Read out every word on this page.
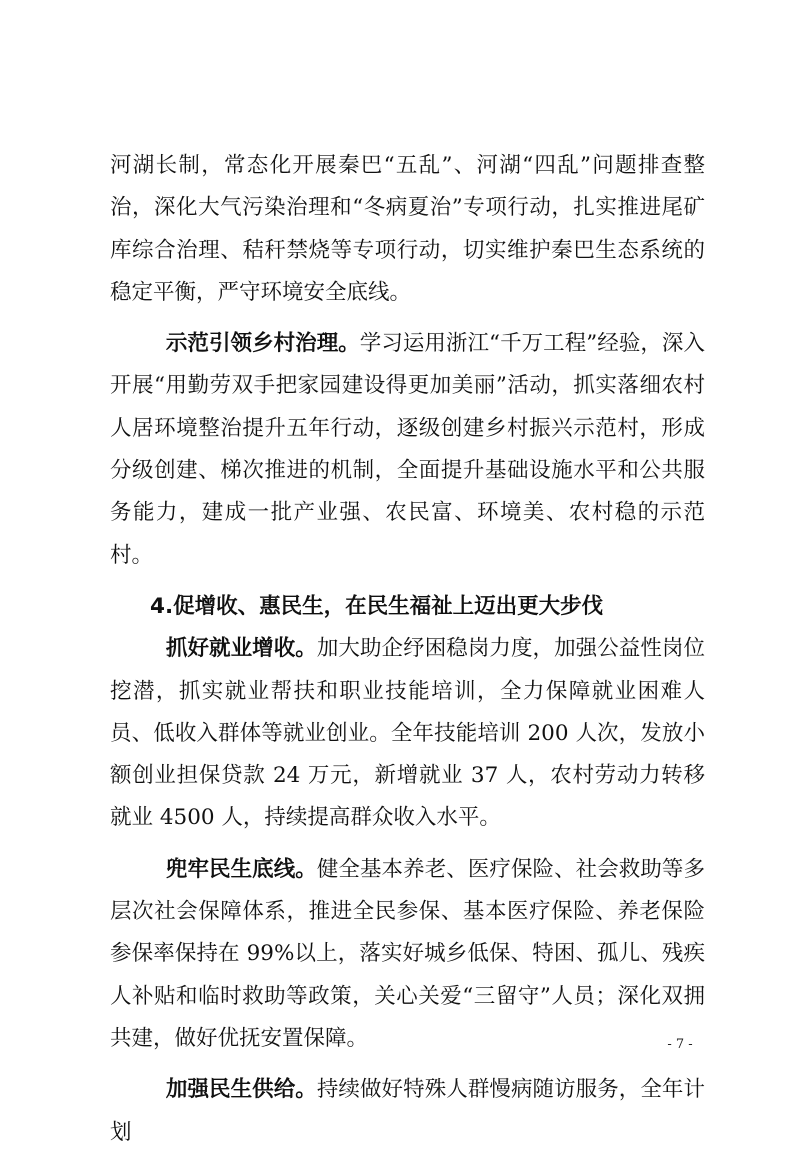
河湖长制，常态化开展秦巴“五乱”、河湖“四乱”问题排查整治，深化大气污染治理和“冬病夏治”专项行动，扎实推进尾矿库综合治理、秸秆禁烧等专项行动，切实维护秦巴生态系统的稳定平衡，严守环境安全底线。

示范引领乡村治理。学习运用浙江“千万工程”经验，深入开展“用勤劳双手把家园建设得更加美丽”活动，抓实落细农村人居环境整治提升五年行动，逐级创建乡村振兴示范村，形成分级创建、梯次推进的机制，全面提升基础设施水平和公共服务能力，建成一批产业强、农民富、环境美、农村稳的示范村。

4.促增收、惠民生，在民生福祉上迈出更大步伐

抓好就业增收。加大助企纾困稳岗力度，加强公益性岗位挖潜，抓实就业帮扶和职业技能培训，全力保障就业困难人员、低收入群体等就业创业。全年技能培训 200 人次，发放小额创业担保贷款 24 万元，新增就业 37 人，农村劳动力转移就业 4500 人，持续提高群众收入水平。

兜牢民生底线。健全基本养老、医疗保险、社会救助等多层次社会保障体系，推进全民参保、基本医疗保险、养老保险参保率保持在 99%以上，落实好城乡低保、特困、孤儿、残疾人补贴和临时救助等政策，关心关爱“三留守”人员；深化双拥共建，做好优抚安置保障。

加强民生供给。持续做好特殊人群慢病随访服务，全年计划

- 7 -
